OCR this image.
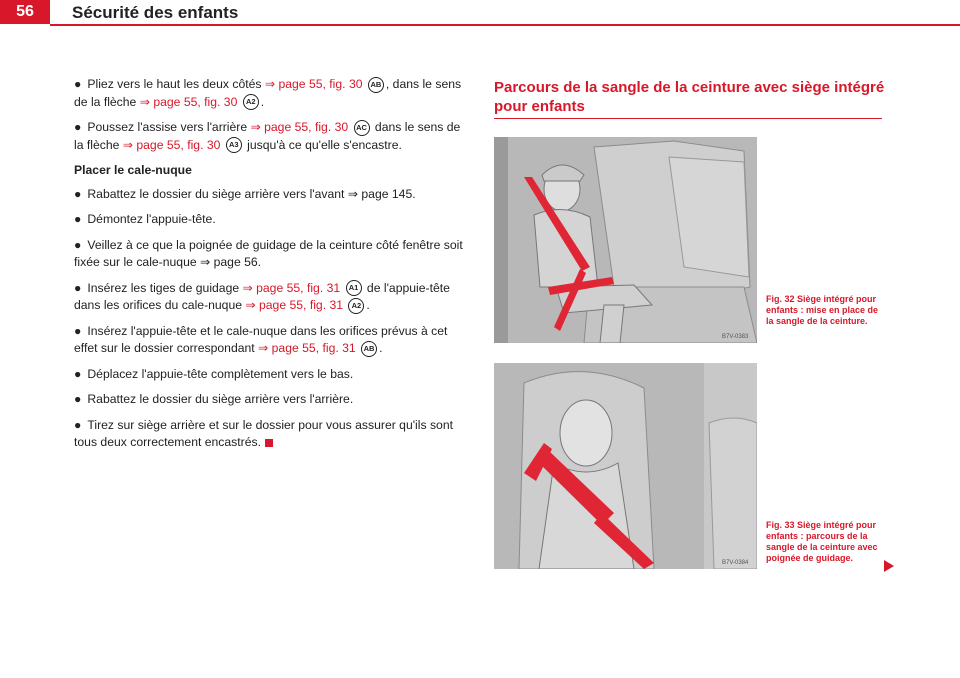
56	Sécurité des enfants

● Pliez vers le haut les deux côtés ⇒ page 55, fig. 30 AB , dans le sens de la flèche ⇒ page 55, fig. 30 A2 .

● Poussez l'assise vers l'arrière ⇒ page 55, fig. 30 AC dans le sens de la flèche ⇒ page 55, fig. 30 A3 jusqu'à ce qu'elle s'encastre.

Placer le cale-nuque

● Rabattez le dossier du siège arrière vers l'avant ⇒ page 145.

● Démontez l'appuie-tête.

● Veillez à ce que la poignée de guidage de la ceinture côté fenêtre soit fixée sur le cale-nuque ⇒ page 56.

● Insérez les tiges de guidage ⇒ page 55, fig. 31 A1 de l'appuie-tête dans les orifices du cale-nuque ⇒ page 55, fig. 31 A2 .

● Insérez l'appuie-tête et le cale-nuque dans les orifices prévus à cet effet sur le dossier correspondant ⇒ page 55, fig. 31 AB .

● Déplacez l'appuie-tête complètement vers le bas.

● Rabattez le dossier du siège arrière vers l'arrière.

● Tirez sur siège arrière et sur le dossier pour vous assurer qu'ils sont tous deux correctement encastrés.

Parcours de la sangle de la ceinture avec siège intégré pour enfants
B7V-0383
B7V-0384
Fig. 32 Siège intégré pour enfants : mise en place de la sangle de la ceinture.
Fig. 33 Siège intégré pour enfants : parcours de la sangle de la ceinture avec poignée de guidage.
